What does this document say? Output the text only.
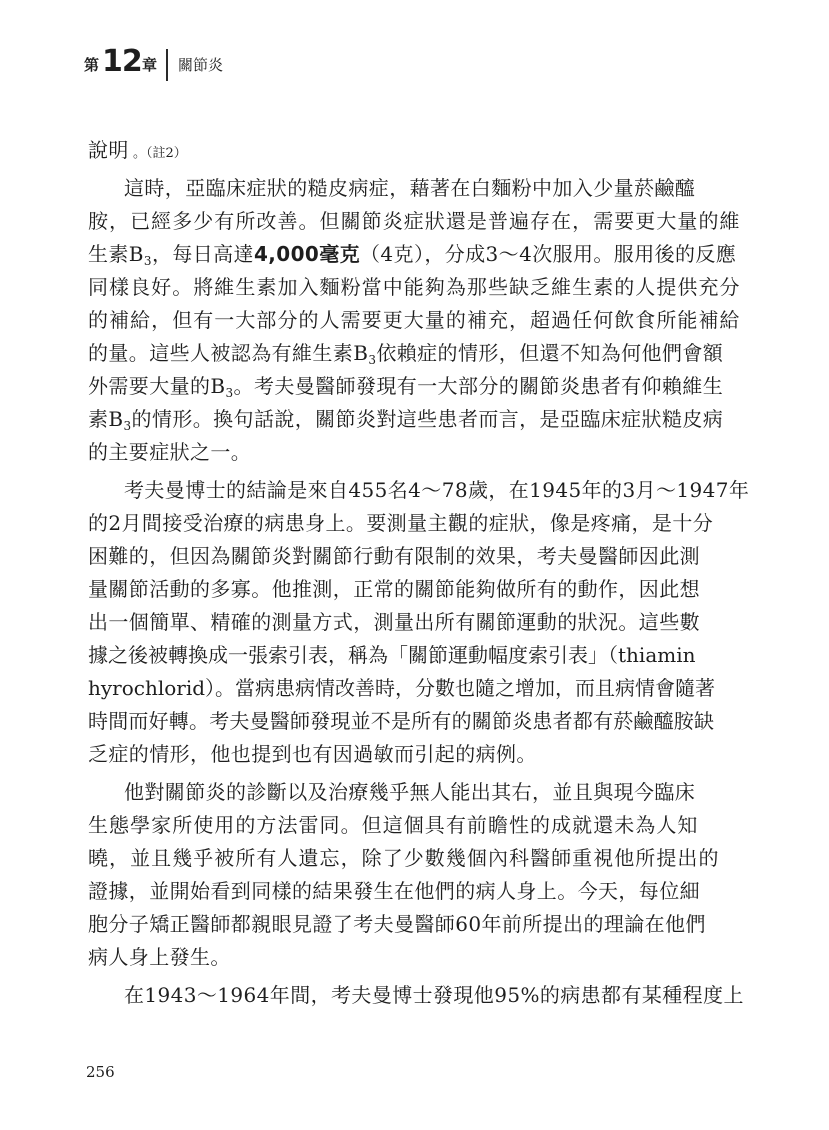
第 12 章 關節炎
說明 。（註2）
這時，亞臨床症狀的糙皮病症，藉著在白麵粉中加入少量菸鹼醯
胺，已經多少有所改善。但關節炎症狀還是普遍存在，需要更大量的維
生素$B_3$，每日高達4,000毫克（4克），分成3～4次服用。服用後的反應
同樣良好。將維生素加入麵粉當中能夠為那些缺乏維生素的人提供充分
的補給，但有一大部分的人需要更大量的補充，超過任何飲食所能補給
的量。這些人被認為有維生素$B_3$依賴症的情形，但還不知為何他們會額
外需要大量的$B_3$。考夫曼醫師發現有一大部分的關節炎患者有仰賴維生
素$B_3$的情形。換句話說，關節炎對這些患者而言，是亞臨床症狀糙皮病
的主要症狀之一。
考夫曼博士的結論是來自455名4～78歲，在1945年的3月～1947年
的2月間接受治療的病患身上。要測量主觀的症狀，像是疼痛，是十分
困難的，但因為關節炎對關節行動有限制的效果，考夫曼醫師因此測
量關節活動的多寡。他推測，正常的關節能夠做所有的動作，因此想
出一個簡單、精確的測量方式，測量出所有關節運動的狀況。這些數
據之後被轉換成一張索引表，稱為「關節運動幅度索引表」（thiamin
hyrochlorid）。當病患病情改善時，分數也隨之增加，而且病情會隨著
時間而好轉。考夫曼醫師發現並不是所有的關節炎患者都有菸鹼醯胺缺
乏症的情形，他也提到也有因過敏而引起的病例。
他對關節炎的診斷以及治療幾乎無人能出其右，並且與現今臨床
生態學家所使用的方法雷同。但這個具有前瞻性的成就還未為人知
曉，並且幾乎被所有人遺忘，除了少數幾個內科醫師重視他所提出的
證據，並開始看到同樣的結果發生在他們的病人身上。今天，每位細
胞分子矯正醫師都親眼見證了考夫曼醫師60年前所提出的理論在他們
病人身上發生。
在1943～1964年間，考夫曼博士發現他95%的病患都有某種程度上
256
